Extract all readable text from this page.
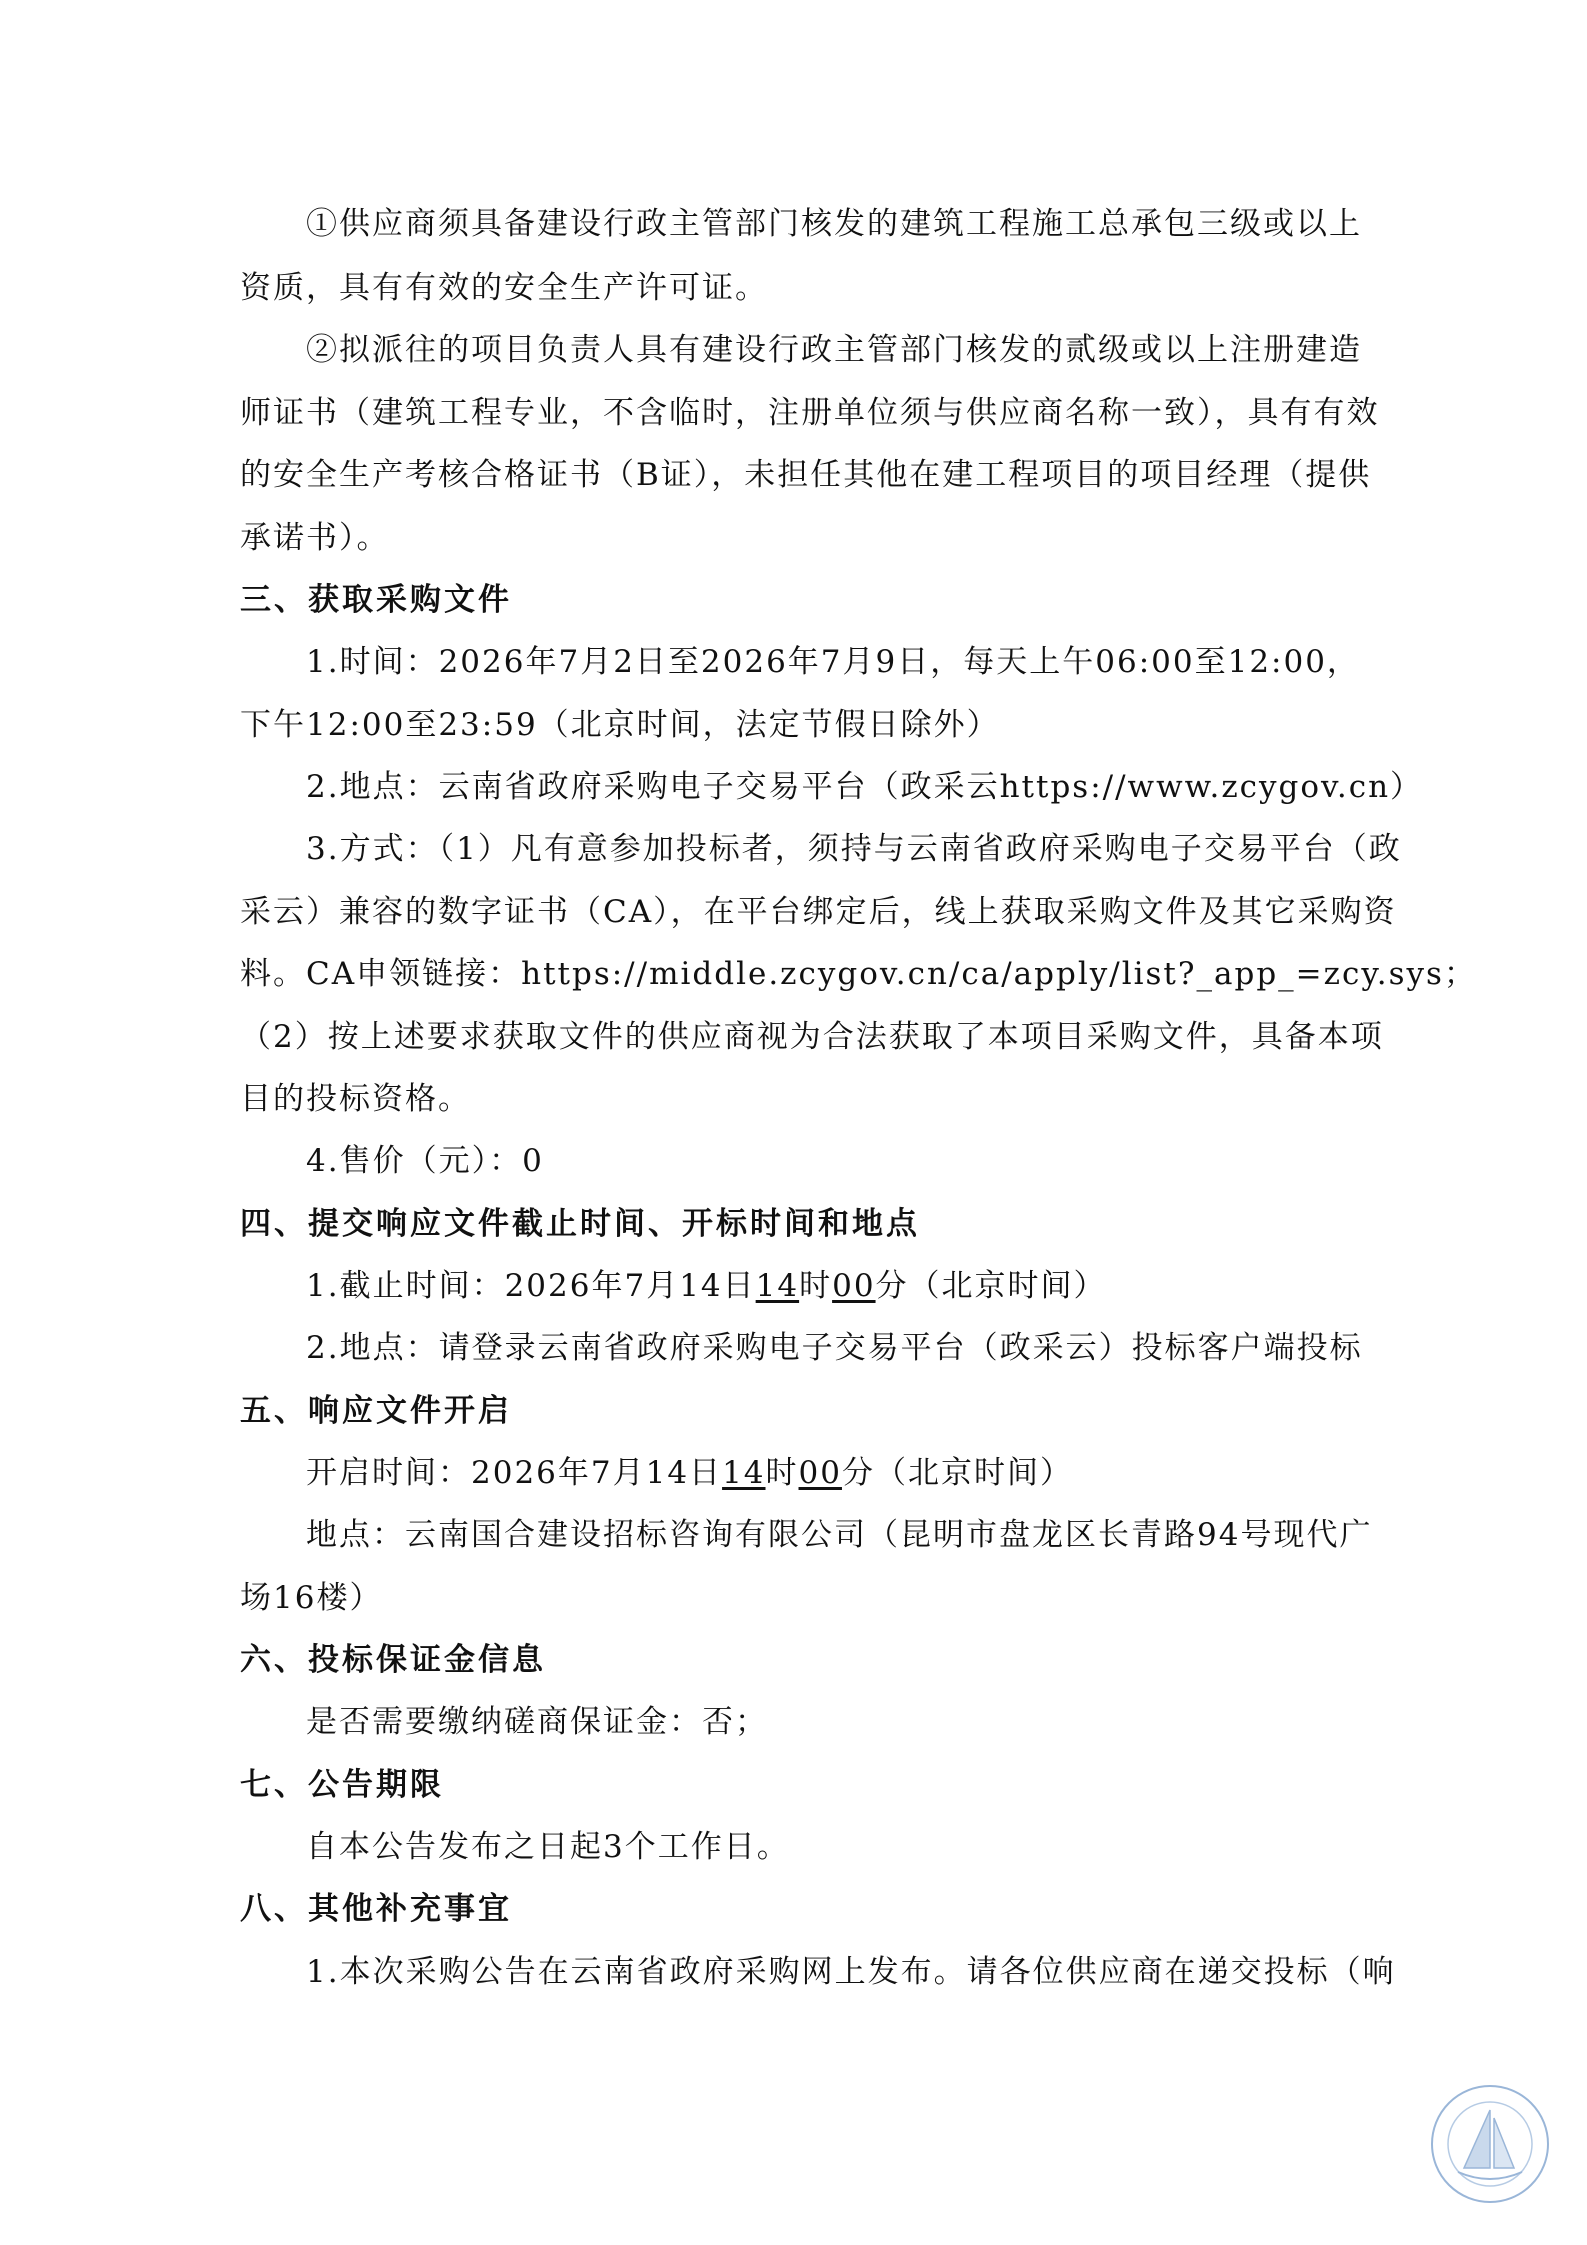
①供应商须具备建设行政主管部门核发的建筑工程施工总承包三级或以上
资质，具有有效的安全生产许可证。
②拟派往的项目负责人具有建设行政主管部门核发的贰级或以上注册建造
师证书（建筑工程专业，不含临时，注册单位须与供应商名称一致），具有有效
的安全生产考核合格证书（B证），未担任其他在建工程项目的项目经理（提供
承诺书）。
三、获取采购文件
1.时间：2026年7月2日至2026年7月9日，每天上午06:00至12:00，
下午12:00至23:59（北京时间，法定节假日除外）
2.地点：云南省政府采购电子交易平台（政采云https://www.zcygov.cn）
3.方式：（1）凡有意参加投标者，须持与云南省政府采购电子交易平台（政
采云）兼容的数字证书（CA），在平台绑定后，线上获取采购文件及其它采购资
料。CA申领链接：https://middle.zcygov.cn/ca/apply/list?_app_=zcy.sys；
（2）按上述要求获取文件的供应商视为合法获取了本项目采购文件，具备本项
目的投标资格。
4.售价（元）：0
四、提交响应文件截止时间、开标时间和地点
1.截止时间：2026年7月14日14时00分（北京时间）
2.地点：请登录云南省政府采购电子交易平台（政采云）投标客户端投标
五、响应文件开启
开启时间：2026年7月14日14时00分（北京时间）
地点：云南国合建设招标咨询有限公司（昆明市盘龙区长青路94号现代广
场16楼）
六、投标保证金信息
是否需要缴纳磋商保证金：否；
七、公告期限
自本公告发布之日起3个工作日。
八、其他补充事宜
1.本次采购公告在云南省政府采购网上发布。请各位供应商在递交投标（响
